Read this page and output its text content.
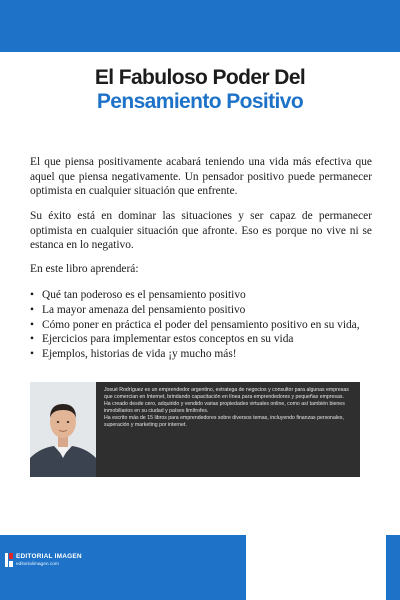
El Fabuloso Poder Del
Pensamiento Positivo

El que piensa positivamente acabará teniendo una vida más efectiva que aquel que piensa negativamente. Un pensador positivo puede permanecer optimista en cualquier situación que enfrente.

Su éxito está en dominar las situaciones y ser capaz de permanecer optimista en cualquier situación que afronte. Eso es porque no vive ni se estanca en lo negativo.

En este libro aprenderá:

• Qué tan poderoso es el pensamiento positivo
• La mayor amenaza del pensamiento positivo
• Cómo poner en práctica el poder del pensamiento positivo en su vida,
• Ejercicios para implementar estos conceptos en su vida
• Ejemplos, historias de vida ¡y mucho más!

Josué Rodríguez es un emprendedor argentino, estratega de negocios y consultor para algunas empresas que comercian en Internet, brindando capacitación en línea para emprendedores y pequeñas empresas.
Ha creado desde cero, adquirido y vendido varias propiedades virtuales online, como así también bienes inmobiliarios en su ciudad y países limítrofes.
Ha escrito más de 15 libros para emprendedores sobre diversos temas, incluyendo finanzas personales, superación y marketing por internet.

EDITORIAL IMAGEN
editorialimagen.com
